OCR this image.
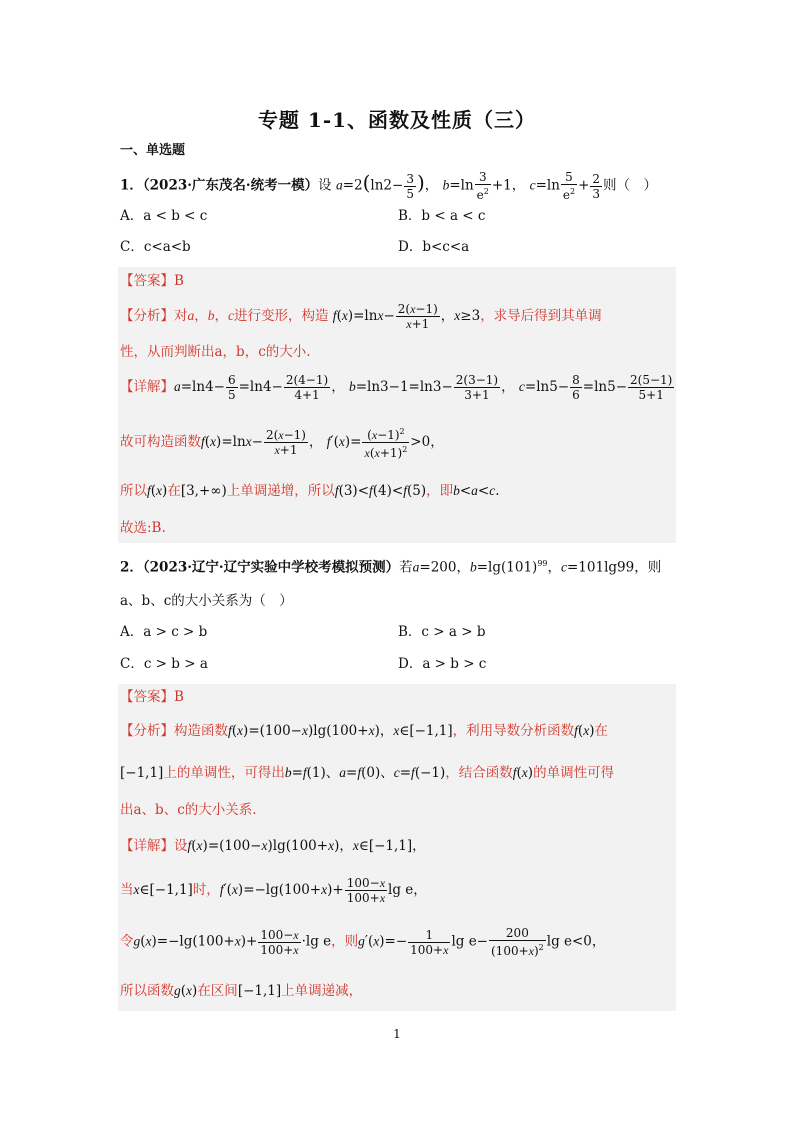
专题 1-1、函数及性质（三）
一、单选题
1．（2023·广东茂名·统考一模）设 $a=2(\ln 2- \frac{3}{5}$ )， $b=\ln \frac{3}{e^2} +1$， $c=\ln \frac{5}{e^2} + \frac{2}{3}$ 则（　）
A．a < b < c	B．b < a < c
C．c<a<b	D．b<c<a
【答案】B
【分析】对a，b，c进行变形，构造 $f(x)=\ln x- \frac{2(x-1)}{x+1}$ ，x≥3，求导后得到其单调
性，从而判断出a，b，c的大小.
【详解】$a=\ln 4- \frac{6}{5} =\ln 4- \frac{2(4-1)}{4+1}$ ， $b=\ln 3-1=\ln 3- \frac{2(3-1)}{3+1}$ ， $c=\ln 5- \frac{8}{6} =\ln 5- \frac{2(5-1)}{5+1}$
故可构造函数$f(x)=\ln x- \frac{2(x-1)}{x+1}$ ， $f'(x)= \frac{(x-1)^2}{x(x+1)^2} >0$，
所以f(x)在[3,+∞)上单调递增，所以f(3)<f(4)<f(5)，即b<a<c.
故选:B.
2．（2023·辽宁·辽宁实验中学校考模拟预测）若a=200，$b=\lg(101)^{99}$，c=101lg99，则
a、b、c的大小关系为（　）
A．a > c > b	B．c > a > b
C．c > b > a	D．a > b > c
【答案】B
【分析】构造函数f(x)=(100−x)lg(100+x)，x∈[−1,1]，利用导数分析函数f(x)在
[−1,1]上的单调性，可得出b=f(1)、a=f(0)、c=f(−1)，结合函数f(x)的单调性可得
出a、b、c的大小关系.
【详解】设f(x)=(100−x)lg(100+x)，x∈[−1,1]，
当x∈[−1,1]时，$f'(x)=-\lg(100+x)+ \frac{100-x}{100+x}$ lg e，
令$g(x)=-\lg(100+x)+ \frac{100-x}{100+x} \cdot\lg$ e，则$g'(x)=- \frac{1}{100+x}$ $\lg e- \frac{200}{(100+x)^2}$ lg e<0，
所以函数g(x)在区间[−1,1]上单调递减，
1
